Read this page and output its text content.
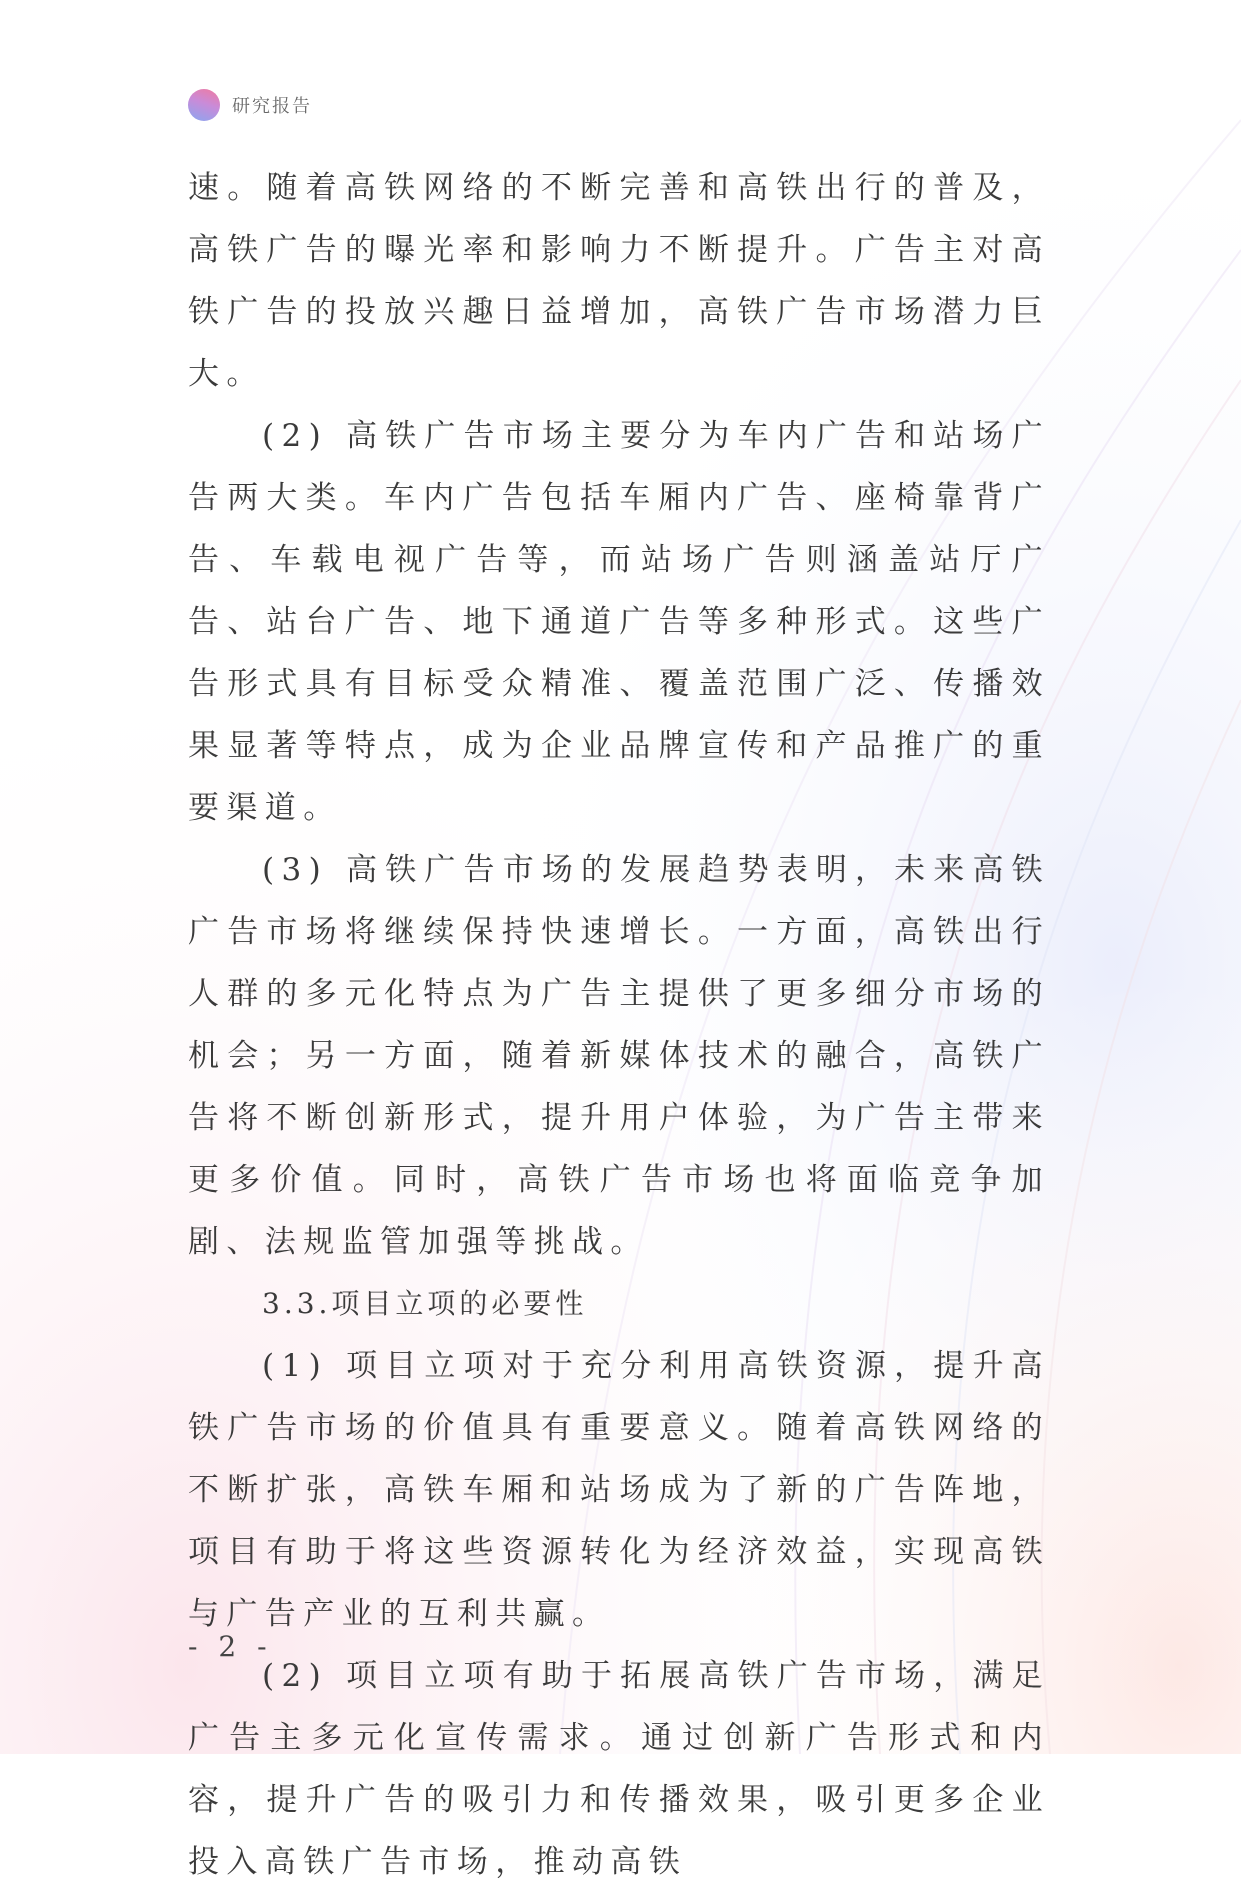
研究报告

速。随着高铁网络的不断完善和高铁出行的普及，高铁广告的曝光率和影响力不断提升。广告主对高铁广告的投放兴趣日益增加，高铁广告市场潜力巨大。

(2) 高铁广告市场主要分为车内广告和站场广告两大类。车内广告包括车厢内广告、座椅靠背广告、车载电视广告等，而站场广告则涵盖站厅广告、站台广告、地下通道广告等多种形式。这些广告形式具有目标受众精准、覆盖范围广泛、传播效果显著等特点，成为企业品牌宣传和产品推广的重要渠道。

(3) 高铁广告市场的发展趋势表明，未来高铁广告市场将继续保持快速增长。一方面，高铁出行人群的多元化特点为广告主提供了更多细分市场的机会；另一方面，随着新媒体技术的融合，高铁广告将不断创新形式，提升用户体验，为广告主带来更多价值。同时，高铁广告市场也将面临竞争加剧、法规监管加强等挑战。

3.3.项目立项的必要性

(1) 项目立项对于充分利用高铁资源，提升高铁广告市场的价值具有重要意义。随着高铁网络的不断扩张，高铁车厢和站场成为了新的广告阵地，项目有助于将这些资源转化为经济效益，实现高铁与广告产业的互利共赢。

(2) 项目立项有助于拓展高铁广告市场，满足广告主多元化宣传需求。通过创新广告形式和内容，提升广告的吸引力和传播效果，吸引更多企业投入高铁广告市场，推动高铁

- 2 -
